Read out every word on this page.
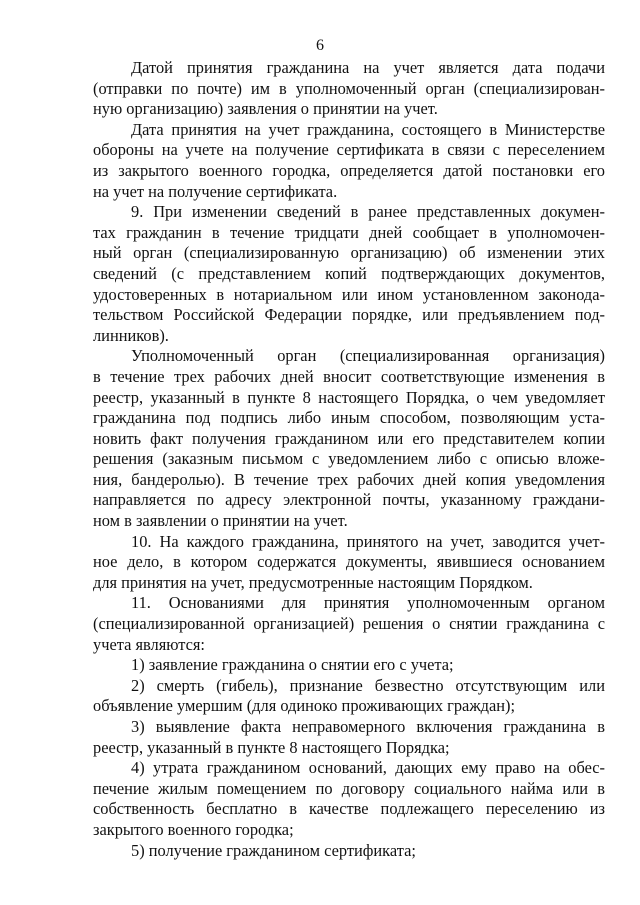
6
Датой принятия гражданина на учет является дата подачи
(отправки по почте) им в уполномоченный орган (специализирован-
ную организацию) заявления о принятии на учет.
Дата принятия на учет гражданина, состоящего в Министерстве
обороны на учете на получение сертификата в связи с переселением
из закрытого военного городка, определяется датой постановки его
на учет на получение сертификата.
9. При изменении сведений в ранее представленных докумен-
тах гражданин в течение тридцати дней сообщает в уполномочен-
ный орган (специализированную организацию) об изменении этих
сведений (с представлением копий подтверждающих документов,
удостоверенных в нотариальном или ином установленном законода-
тельством Российской Федерации порядке, или предъявлением под-
линников).
Уполномоченный орган (специализированная организация)
в течение трех рабочих дней вносит соответствующие изменения в
реестр, указанный в пункте 8 настоящего Порядка, о чем уведомляет
гражданина под подпись либо иным способом, позволяющим уста-
новить факт получения гражданином или его представителем копии
решения (заказным письмом с уведомлением либо с описью вложе-
ния, бандеролью). В течение трех рабочих дней копия уведомления
направляется по адресу электронной почты, указанному граждани-
ном в заявлении о принятии на учет.
10. На каждого гражданина, принятого на учет, заводится учет-
ное дело, в котором содержатся документы, явившиеся основанием
для принятия на учет, предусмотренные настоящим Порядком.
11. Основаниями для принятия уполномоченным органом
(специализированной организацией) решения о снятии гражданина с
учета являются:
1) заявление гражданина о снятии его с учета;
2) смерть (гибель), признание безвестно отсутствующим или
объявление умершим (для одиноко проживающих граждан);
3) выявление факта неправомерного включения гражданина в
реестр, указанный в пункте 8 настоящего Порядка;
4) утрата гражданином оснований, дающих ему право на обес-
печение жилым помещением по договору социального найма или в
собственность бесплатно в качестве подлежащего переселению из
закрытого военного городка;
5) получение гражданином сертификата;
